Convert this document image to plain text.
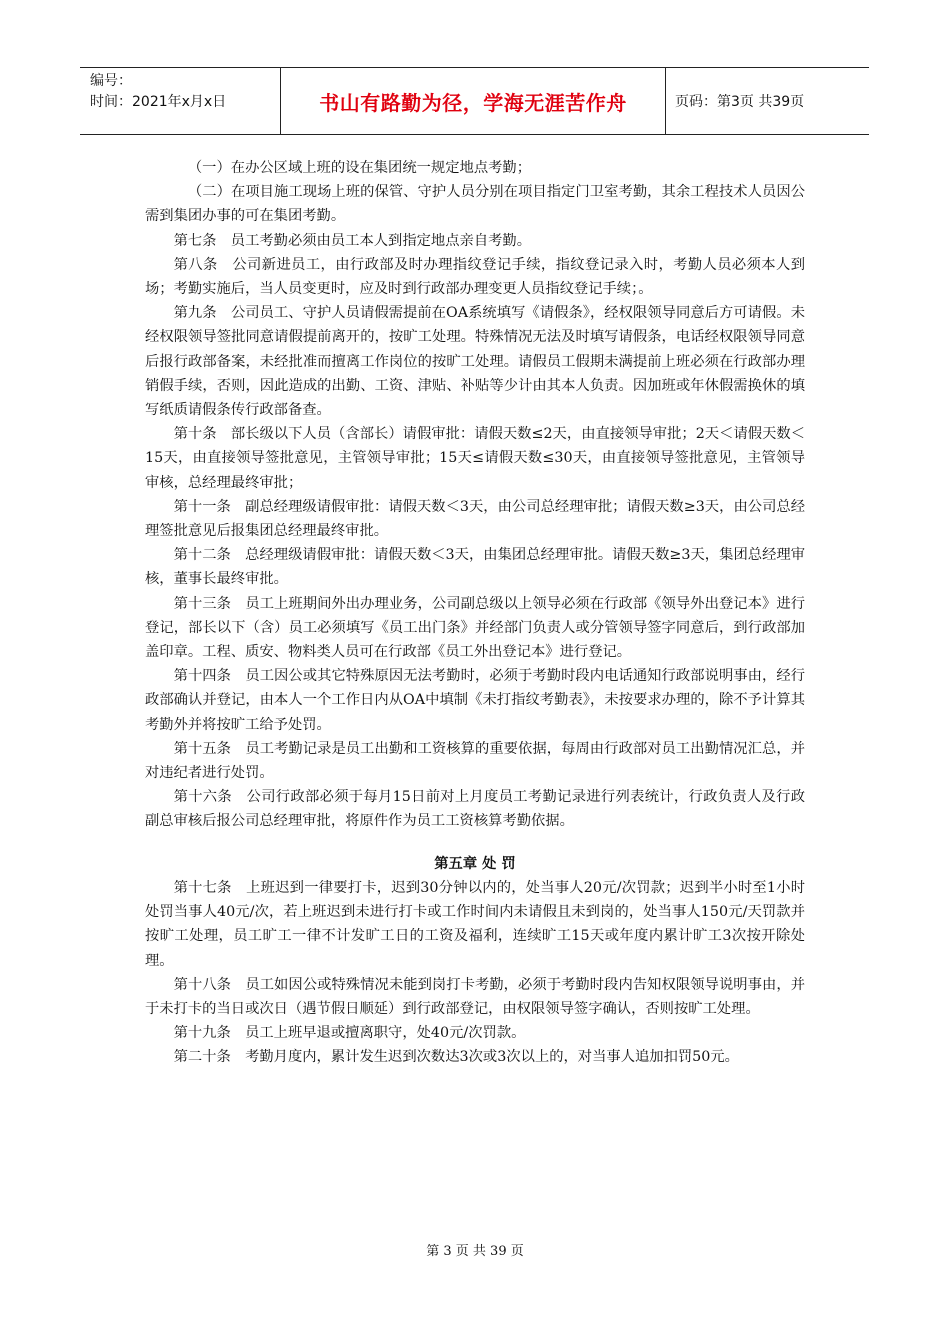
编号：
时间：2021年x月x日	书山有路勤为径，学海无涯苦作舟	页码：第3页 共39页

（一）在办公区域上班的设在集团统一规定地点考勤；

（二）在项目施工现场上班的保管、守护人员分别在项目指定门卫室考勤，其余工程技术人员因公需到集团办事的可在集团考勤。

第七条　员工考勤必须由员工本人到指定地点亲自考勤。

第八条　公司新进员工，由行政部及时办理指纹登记手续，指纹登记录入时，考勤人员必须本人到场；考勤实施后，当人员变更时，应及时到行政部办理变更人员指纹登记手续；。

第九条　公司员工、守护人员请假需提前在OA系统填写《请假条》，经权限领导同意后方可请假。未经权限领导签批同意请假提前离开的，按旷工处理。特殊情况无法及时填写请假条，电话经权限领导同意后报行政部备案，未经批准而擅离工作岗位的按旷工处理。请假员工假期未满提前上班必须在行政部办理销假手续，否则，因此造成的出勤、工资、津贴、补贴等少计由其本人负责。因加班或年休假需换休的填写纸质请假条传行政部备查。

第十条　部长级以下人员（含部长）请假审批：请假天数≤2天，由直接领导审批；2天＜请假天数＜15天，由直接领导签批意见，主管领导审批；15天≤请假天数≤30天，由直接领导签批意见，主管领导审核，总经理最终审批；

第十一条　副总经理级请假审批：请假天数＜3天，由公司总经理审批；请假天数≥3天，由公司总经理签批意见后报集团总经理最终审批。

第十二条　总经理级请假审批：请假天数＜3天，由集团总经理审批。请假天数≥3天，集团总经理审核，董事长最终审批。

第十三条　员工上班期间外出办理业务，公司副总级以上领导必须在行政部《领导外出登记本》进行登记，部长以下（含）员工必须填写《员工出门条》并经部门负责人或分管领导签字同意后，到行政部加盖印章。工程、质安、物料类人员可在行政部《员工外出登记本》进行登记。

第十四条　员工因公或其它特殊原因无法考勤时，必须于考勤时段内电话通知行政部说明事由，经行政部确认并登记，由本人一个工作日内从OA中填制《未打指纹考勤表》，未按要求办理的，除不予计算其考勤外并将按旷工给予处罚。

第十五条　员工考勤记录是员工出勤和工资核算的重要依据，每周由行政部对员工出勤情况汇总，并对违纪者进行处罚。

第十六条　公司行政部必须于每月15日前对上月度员工考勤记录进行列表统计，行政负责人及行政副总审核后报公司总经理审批，将原件作为员工工资核算考勤依据。

第五章 处 罚

第十七条　上班迟到一律要打卡，迟到30分钟以内的，处当事人20元/次罚款；迟到半小时至1小时处罚当事人40元/次，若上班迟到未进行打卡或工作时间内未请假且未到岗的，处当事人150元/天罚款并按旷工处理，员工旷工一律不计发旷工日的工资及福利，连续旷工15天或年度内累计旷工3次按开除处理。

第十八条　员工如因公或特殊情况未能到岗打卡考勤，必须于考勤时段内告知权限领导说明事由，并于未打卡的当日或次日（遇节假日顺延）到行政部登记，由权限领导签字确认，否则按旷工处理。

第十九条　员工上班早退或擅离职守，处40元/次罚款。

第二十条　考勤月度内，累计发生迟到次数达3次或3次以上的，对当事人追加扣罚50元。

第 3 页 共 39 页
